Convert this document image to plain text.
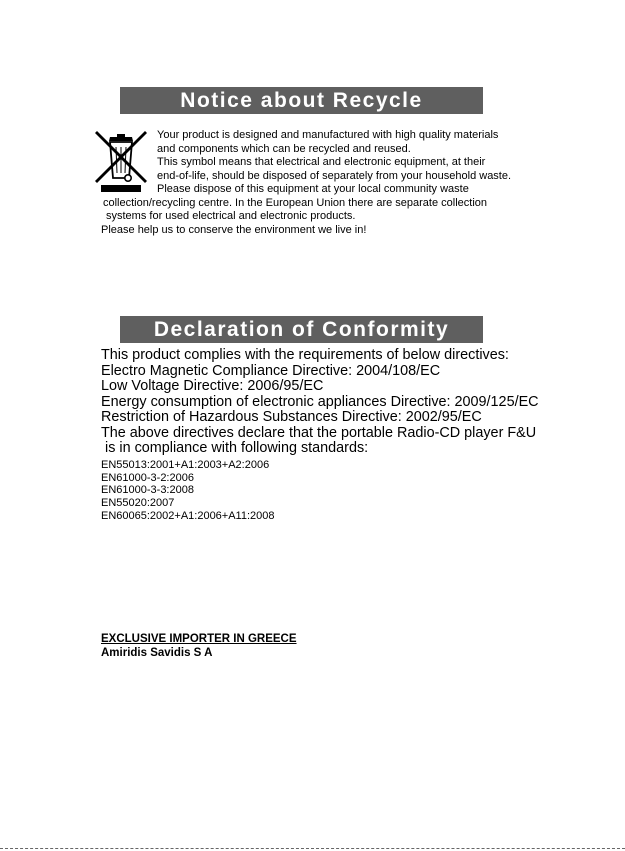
Notice about Recycle
Your product is designed and manufactured with high quality materials
and components which can be recycled and reused.
This symbol means that electrical and electronic equipment, at their
end-of-life, should be disposed of separately from your household waste.
Please dispose of this equipment at your local community waste
collection/recycling centre. In the European Union there are separate collection
systems for used electrical and electronic products.
Please help us to conserve the environment we live in!
Declaration of Conformity
This product complies with the requirements of below directives:
Electro Magnetic Compliance Directive: 2004/108/EC
Low Voltage Directive: 2006/95/EC
Energy consumption of electronic appliances Directive: 2009/125/EC
Restriction of Hazardous Substances Directive: 2002/95/EC
The above directives declare that the portable Radio-CD player F&U
is in compliance with following standards:
EN55013:2001+A1:2003+A2:2006
EN61000-3-2:2006
EN61000-3-3:2008
EN55020:2007
EN60065:2002+A1:2006+A11:2008
EXCLUSIVE IMPORTER IN GREECE
Amiridis Savidis S A
